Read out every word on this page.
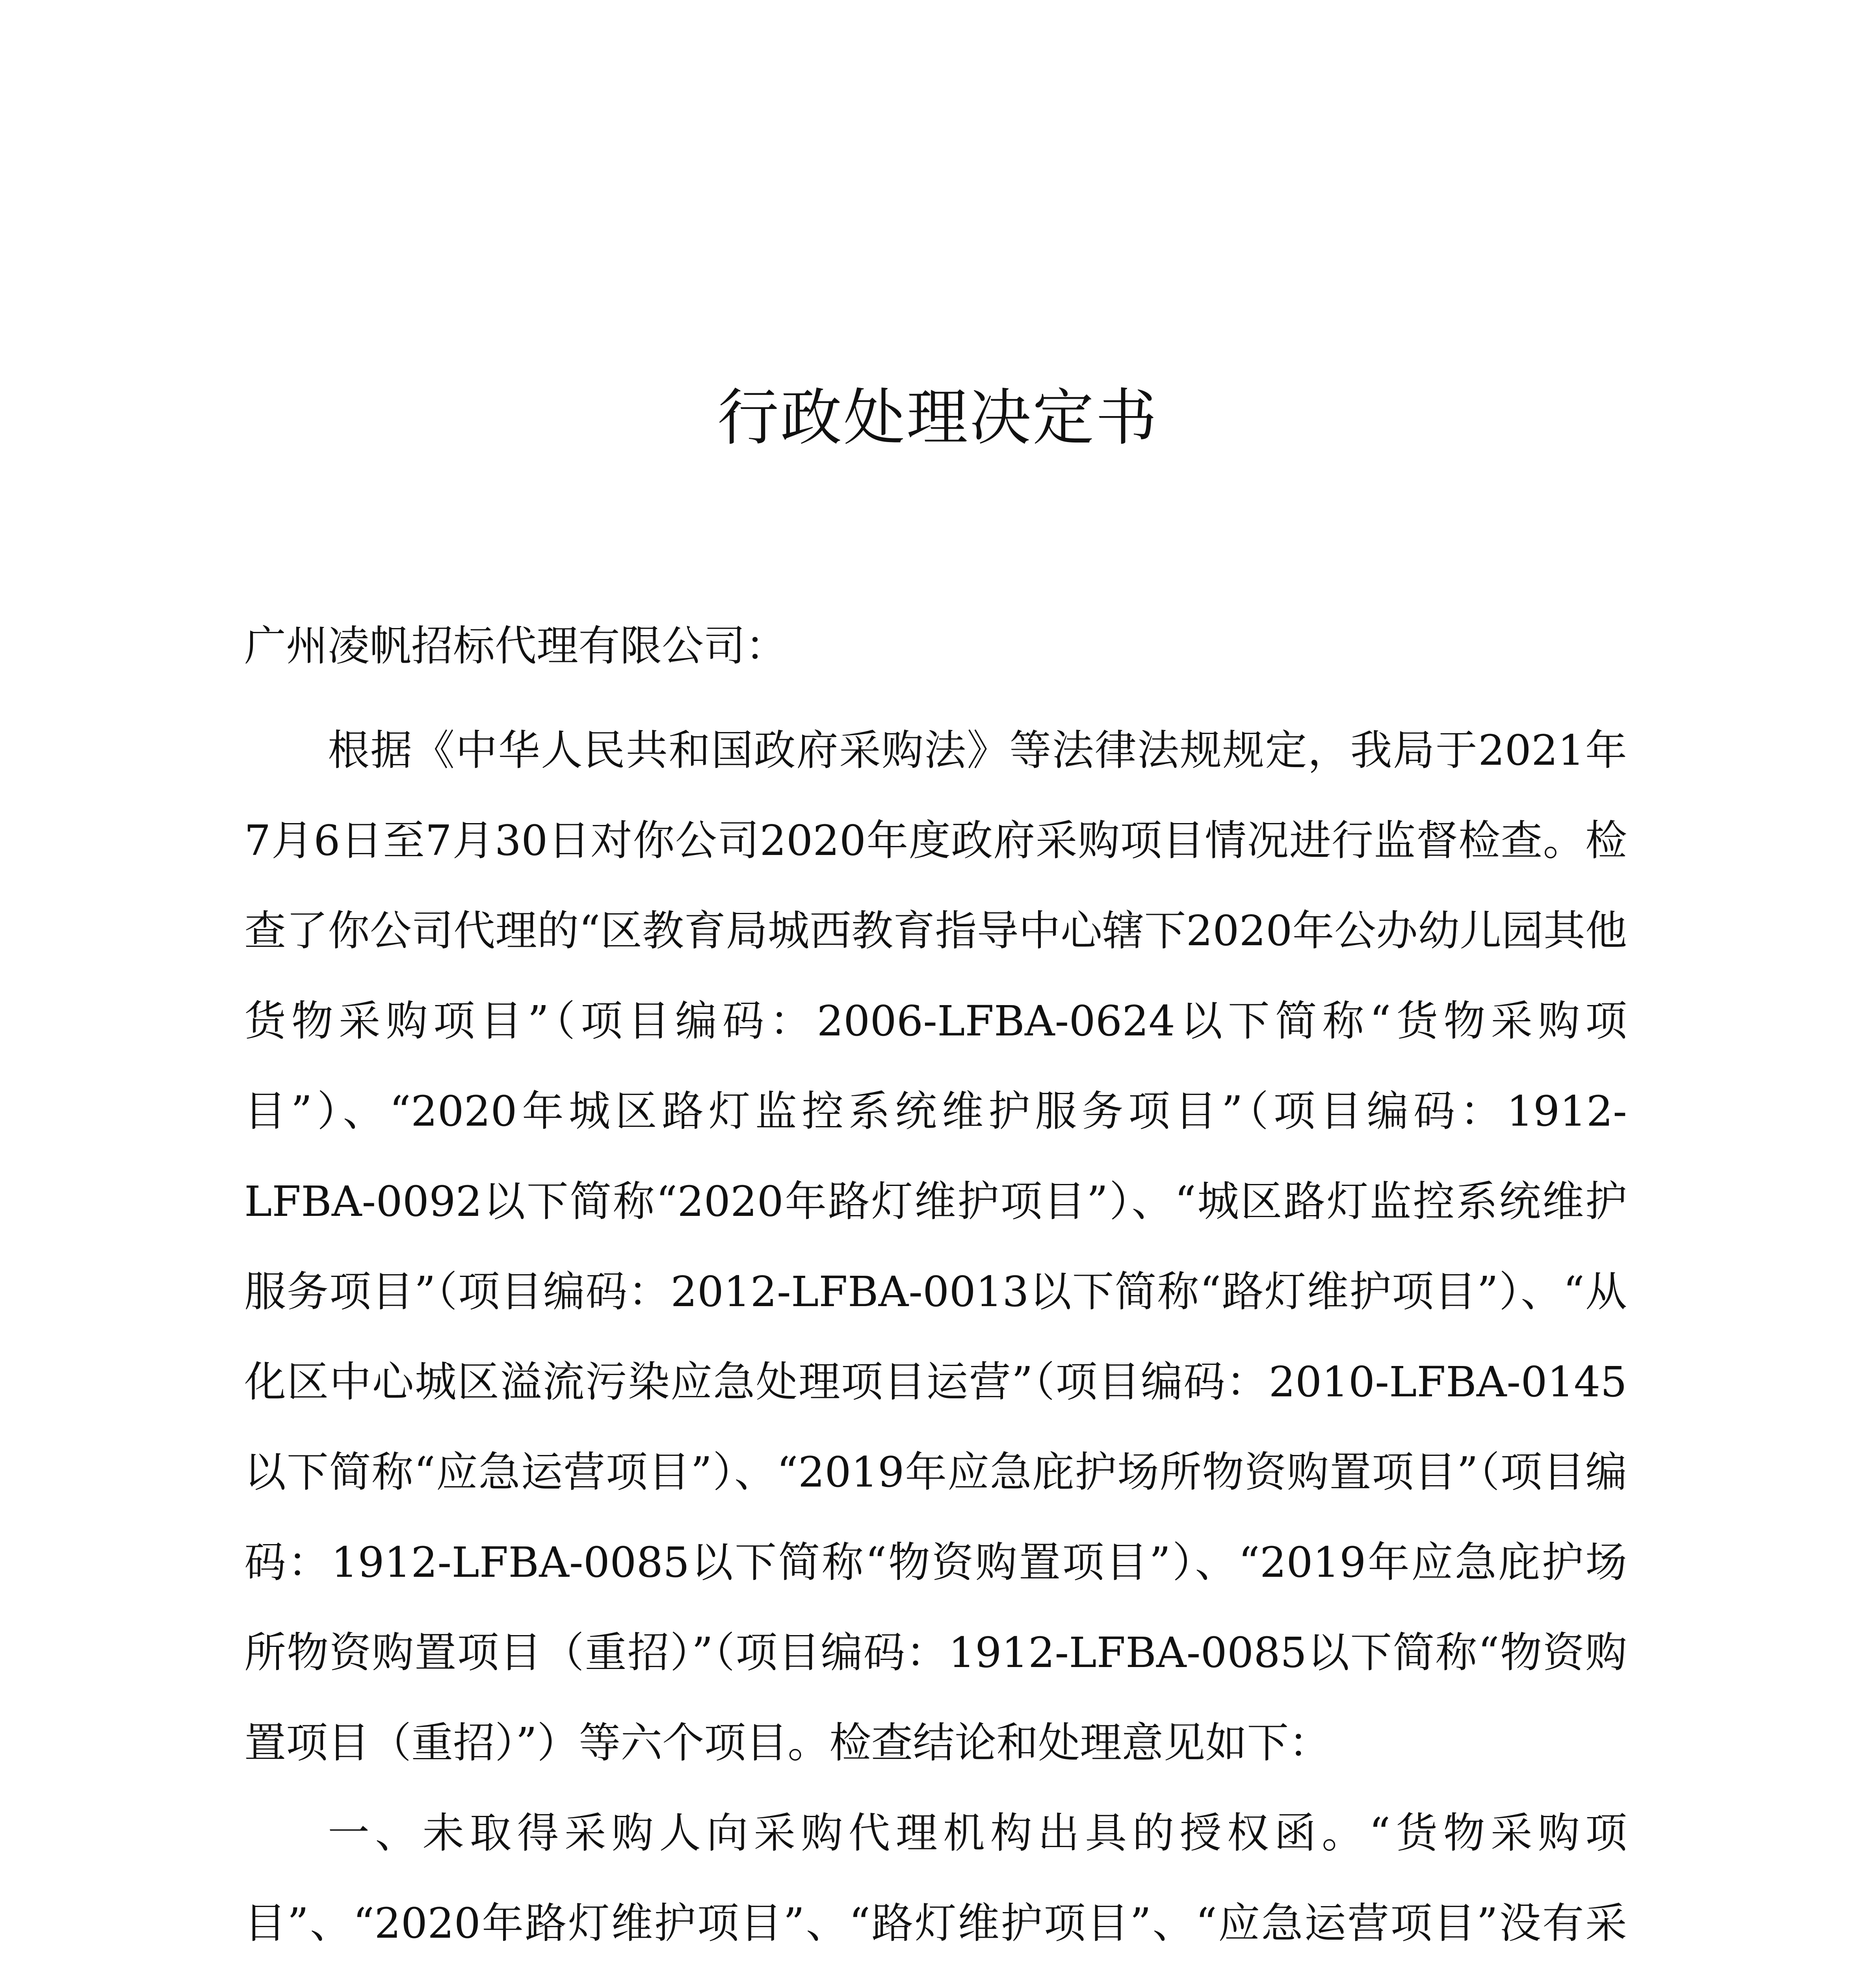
行政处理决定书

广州凌帆招标代理有限公司：

根据《中华人民共和国政府采购法》等法律法规规定，我局于2021年7月6日至7月30日对你公司2020年度政府采购项目情况进行监督检查。检查了你公司代理的“区教育局城西教育指导中心辖下2020年公办幼儿园其他货物采购项目”（项目编码：2006-LFBA-0624以下简称“货物采购项目”）、“2020年城区路灯监控系统维护服务项目”（项目编码：1912-LFBA-0092以下简称“2020年路灯维护项目”）、“城区路灯监控系统维护服务项目”（项目编码：2012-LFBA-0013以下简称“路灯维护项目”）、“从化区中心城区溢流污染应急处理项目运营”（项目编码：2010-LFBA-0145以下简称“应急运营项目”）、“2019年应急庇护场所物资购置项目”（项目编码：1912-LFBA-0085以下简称“物资购置项目”）、“2019年应急庇护场所物资购置项目（重招）”（项目编码：1912-LFBA-0085以下简称“物资购置项目（重招）”）等六个项目。检查结论和处理意见如下：

一、未取得采购人向采购代理机构出具的授权函。“货物采购项目”、“2020年路灯维护项目”、“路灯维护项目”、“应急运营项目”没有采
